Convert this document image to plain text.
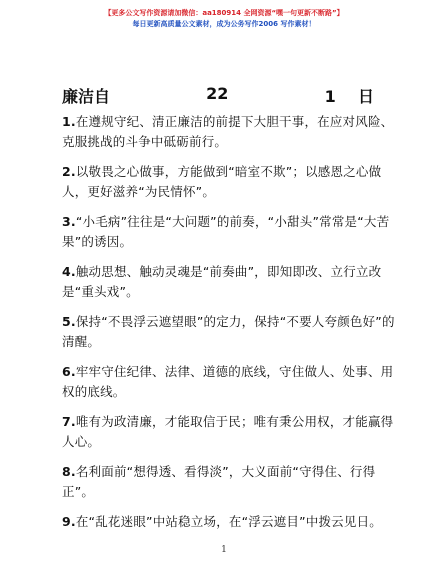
【更多公文写作资源请加微信：aa180914 全网资源“嘿一句更新不断路”】
每日更新高质量公文素材，成为公务写作2006 写作素材！
廉洁自	22	1 日

1.在遵规守纪、清正廉洁的前提下大胆干事，在应对风险、克服挑战的斗争中砥砺前行。

2.以敬畏之心做事，方能做到“暗室不欺”；以感恩之心做人，更好滋养“为民情怀”。

3.“小毛病”往往是“大问题”的前奏，“小甜头”常常是“大苦果”的诱因。

4.触动思想、触动灵魂是“前奏曲”，即知即改、立行立改是“重头戏”。

5.保持“不畏浮云遮望眼”的定力，保持“不要人夸颜色好”的清醒。

6.牢牢守住纪律、法律、道德的底线，守住做人、处事、用权的底线。

7.唯有为政清廉，才能取信于民；唯有秉公用权，才能赢得人心。

8.名利面前“想得透、看得淡”，大义面前“守得住、行得正”。

9.在“乱花迷眼”中站稳立场，在“浮云遮目”中拨云见日。

1
